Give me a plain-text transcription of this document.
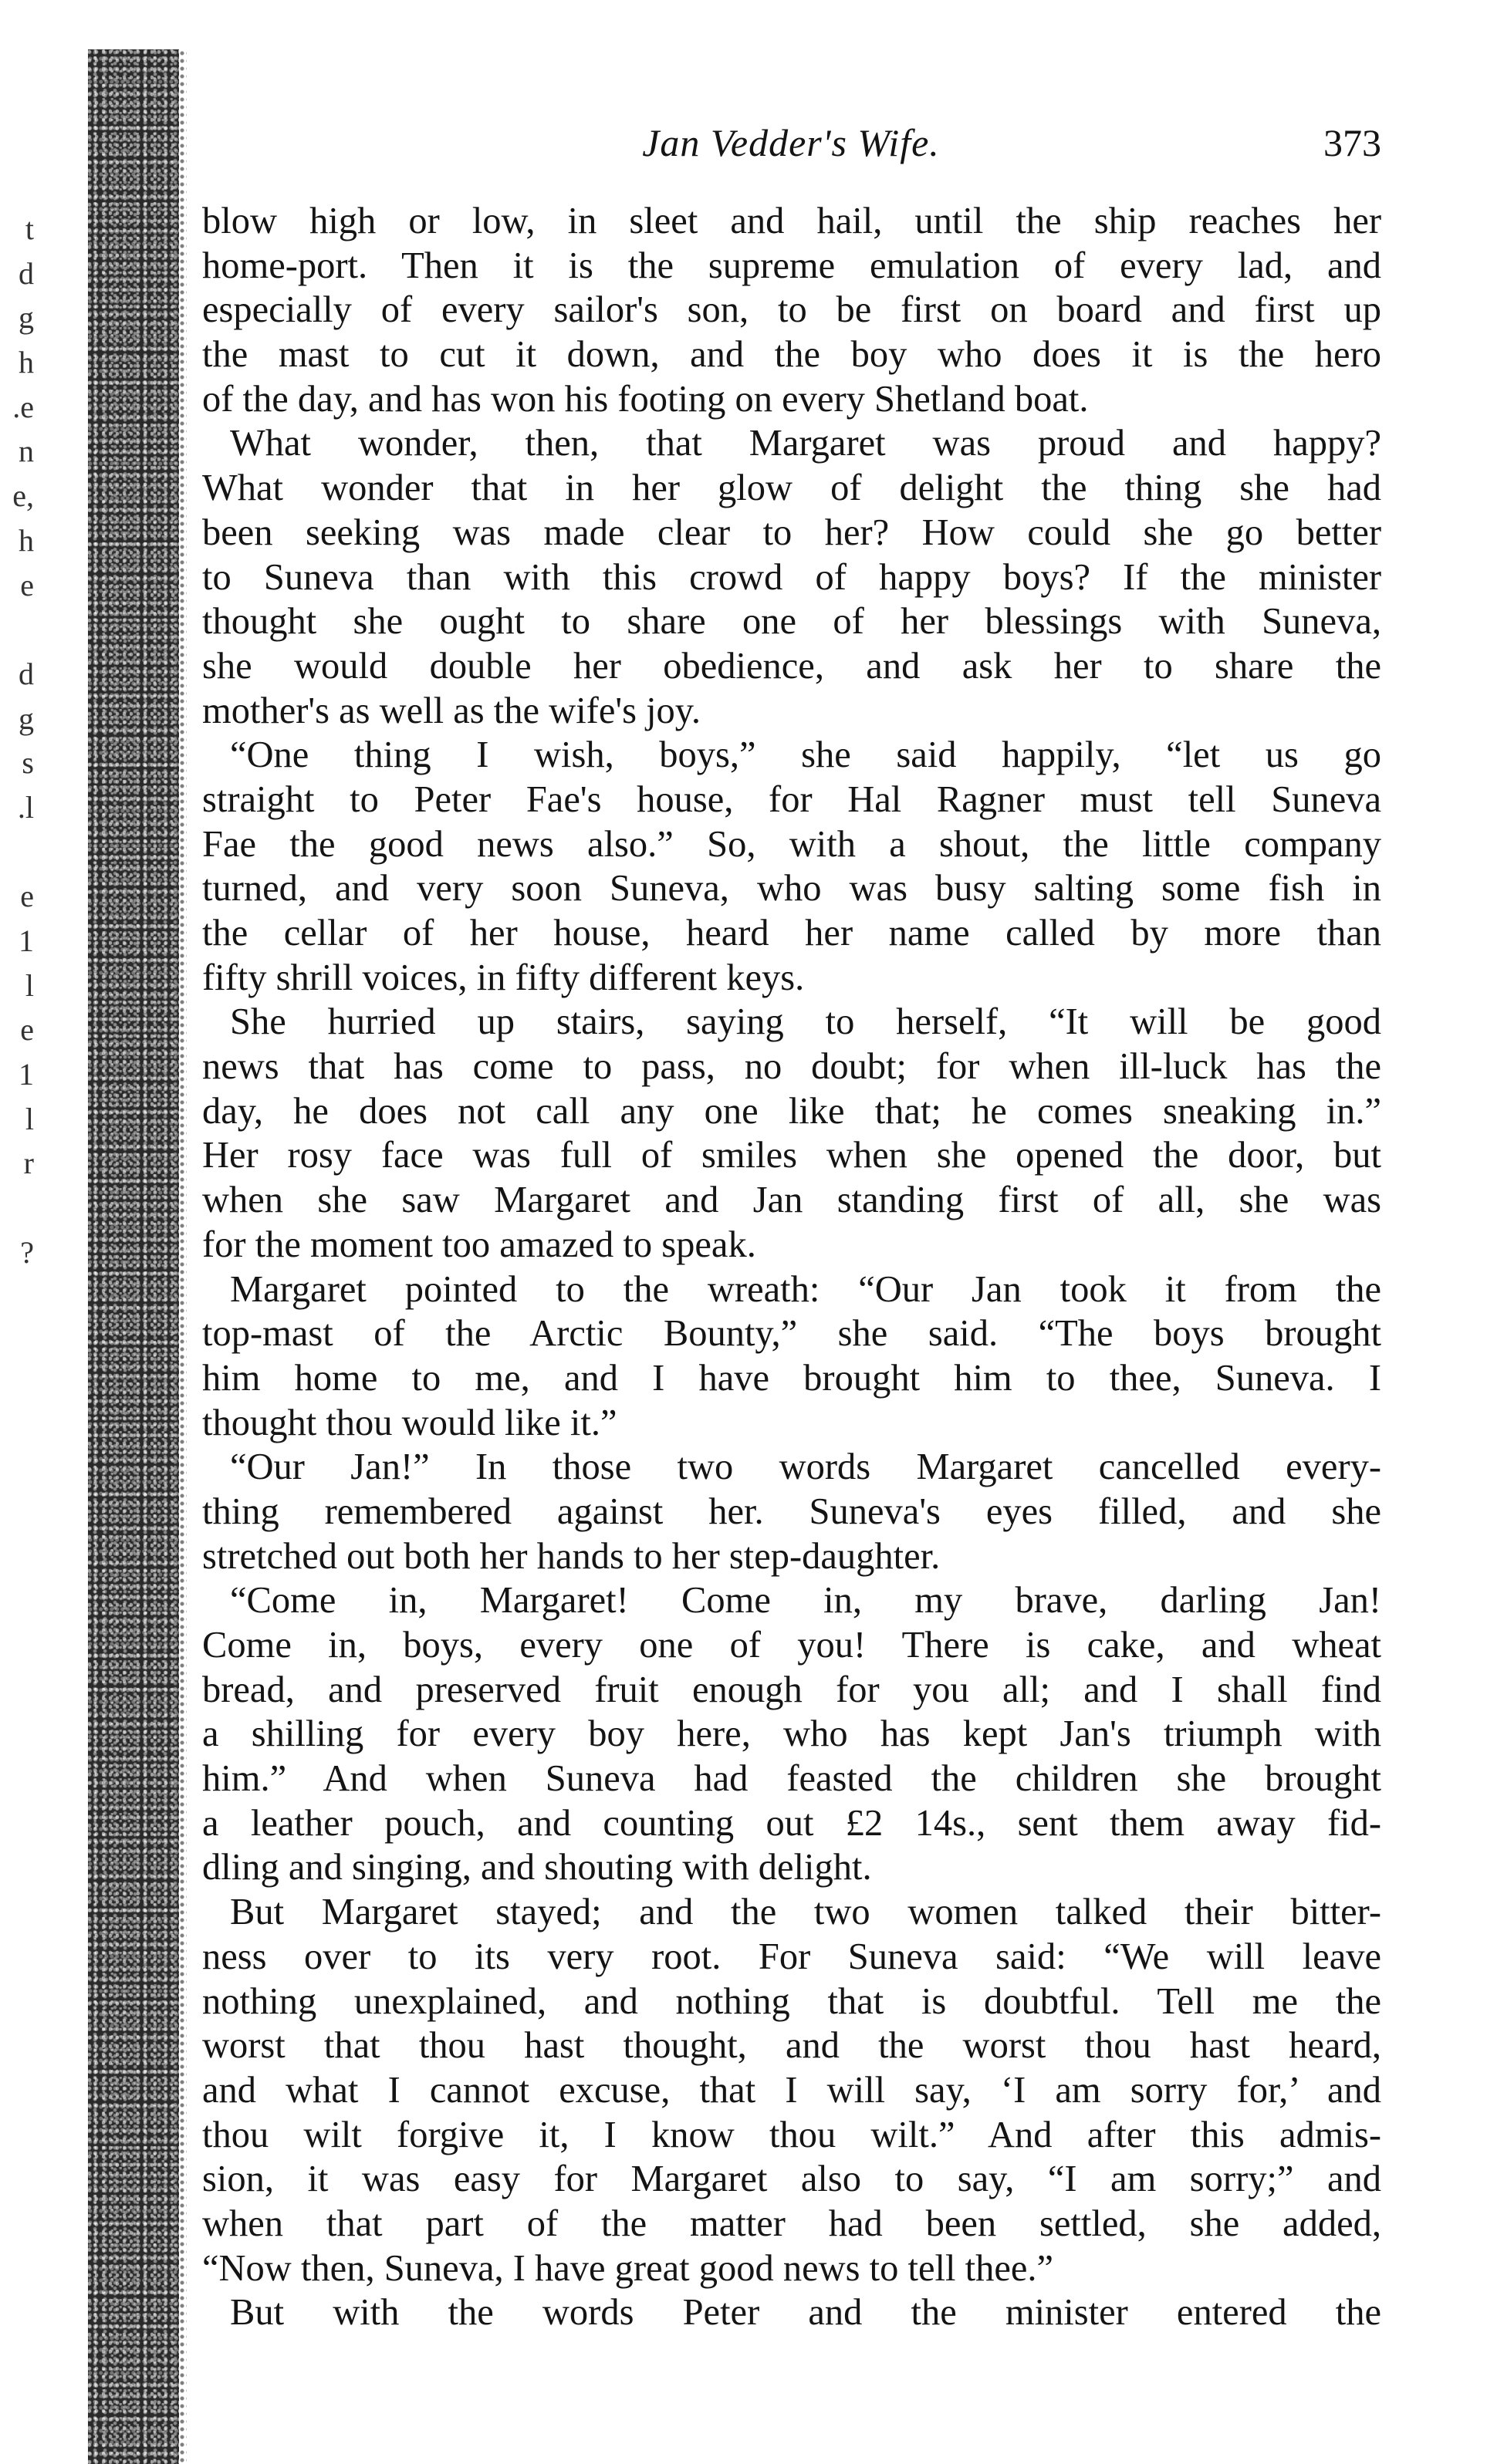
t
d
g
h
.e
n
e,
h
e
d
g
s
.l
e
1
l
e
1
l
r
?
Jan Vedder's Wife.	373
blow high or low, in sleet and hail, until the ship reaches her
home-port. Then it is the supreme emulation of every lad, and
especially of every sailor's son, to be first on board and first up
the mast to cut it down, and the boy who does it is the hero
of the day, and has won his footing on every Shetland boat.
What wonder, then, that Margaret was proud and happy?
What wonder that in her glow of delight the thing she had
been seeking was made clear to her? How could she go better
to Suneva than with this crowd of happy boys? If the minister
thought she ought to share one of her blessings with Suneva,
she would double her obedience, and ask her to share the
mother's as well as the wife's joy.
“One thing I wish, boys,” she said happily, “let us go
straight to Peter Fae's house, for Hal Ragner must tell Suneva
Fae the good news also.” So, with a shout, the little company
turned, and very soon Suneva, who was busy salting some fish in
the cellar of her house, heard her name called by more than
fifty shrill voices, in fifty different keys.
She hurried up stairs, saying to herself, “It will be good
news that has come to pass, no doubt; for when ill-luck has the
day, he does not call any one like that; he comes sneaking in.”
Her rosy face was full of smiles when she opened the door, but
when she saw Margaret and Jan standing first of all, she was
for the moment too amazed to speak.
Margaret pointed to the wreath: “Our Jan took it from the
top-mast of the Arctic Bounty,” she said. “The boys brought
him home to me, and I have brought him to thee, Suneva. I
thought thou would like it.”
“Our Jan!” In those two words Margaret cancelled every-
thing remembered against her. Suneva's eyes filled, and she
stretched out both her hands to her step-daughter.
“Come in, Margaret! Come in, my brave, darling Jan!
Come in, boys, every one of you! There is cake, and wheat
bread, and preserved fruit enough for you all; and I shall find
a shilling for every boy here, who has kept Jan's triumph with
him.” And when Suneva had feasted the children she brought
a leather pouch, and counting out £2 14s., sent them away fid-
dling and singing, and shouting with delight.
But Margaret stayed; and the two women talked their bitter-
ness over to its very root. For Suneva said: “We will leave
nothing unexplained, and nothing that is doubtful. Tell me the
worst that thou hast thought, and the worst thou hast heard,
and what I cannot excuse, that I will say, ‘I am sorry for,’ and
thou wilt forgive it, I know thou wilt.” And after this admis-
sion, it was easy for Margaret also to say, “I am sorry;” and
when that part of the matter had been settled, she added,
“Now then, Suneva, I have great good news to tell thee.”
But with the words Peter and the minister entered the
